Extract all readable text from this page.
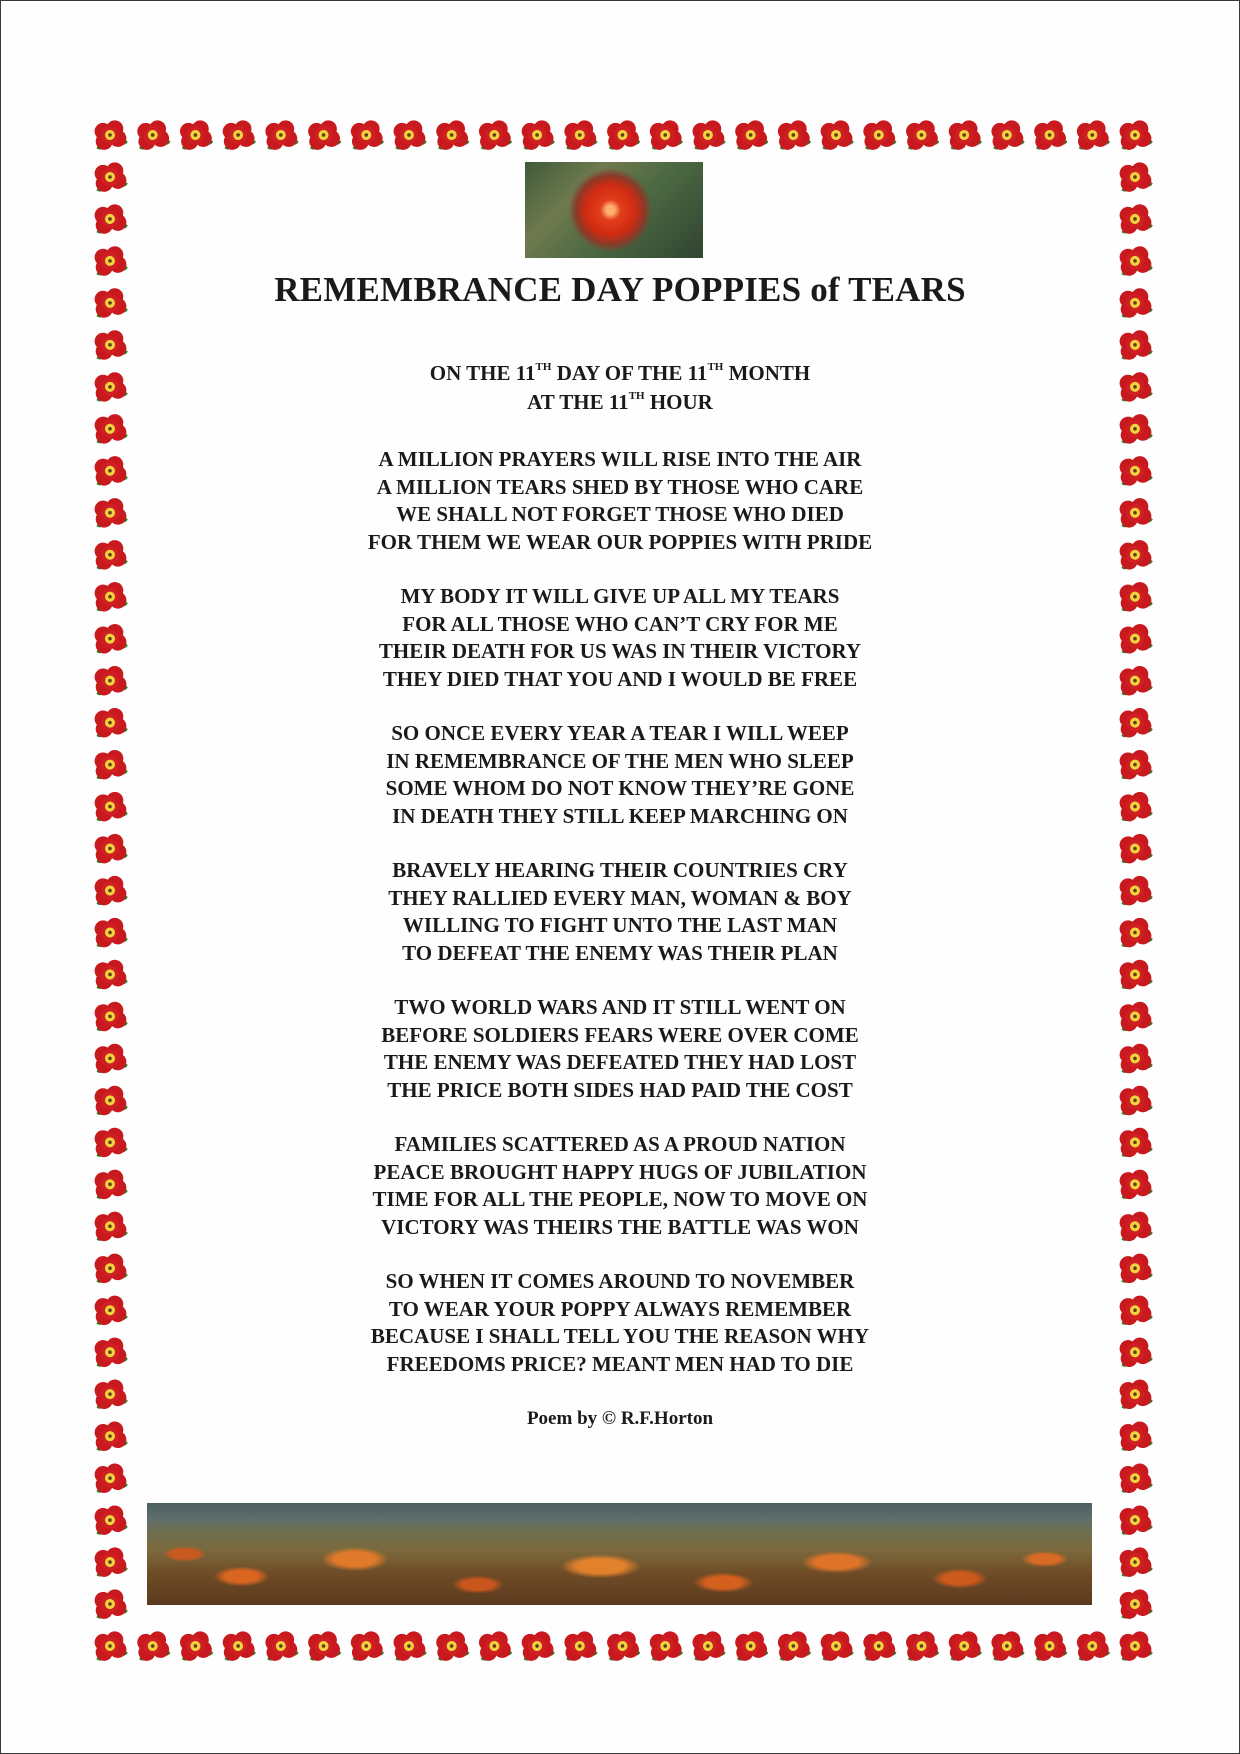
REMEMBRANCE DAY POPPIES of TEARS
ON THE 11TH DAY OF THE 11TH MONTH
AT THE 11TH HOUR
A MILLION PRAYERS WILL RISE INTO THE AIR
A MILLION TEARS SHED BY THOSE WHO CARE
WE SHALL NOT FORGET THOSE WHO DIED
FOR THEM WE WEAR OUR POPPIES WITH PRIDE
MY BODY IT WILL GIVE UP ALL MY TEARS
FOR ALL THOSE WHO CAN’T CRY FOR ME
THEIR DEATH FOR US WAS IN THEIR VICTORY
THEY DIED THAT YOU AND I WOULD BE FREE
SO ONCE EVERY YEAR A TEAR I WILL WEEP
IN REMEMBRANCE OF THE MEN WHO SLEEP
SOME WHOM DO NOT KNOW THEY’RE GONE
IN DEATH THEY STILL KEEP MARCHING ON
BRAVELY HEARING THEIR COUNTRIES CRY
THEY RALLIED EVERY MAN, WOMAN & BOY
WILLING TO FIGHT UNTO THE LAST MAN
TO DEFEAT THE ENEMY WAS THEIR PLAN
TWO WORLD WARS AND IT STILL WENT ON
BEFORE SOLDIERS FEARS WERE OVER COME
THE ENEMY WAS DEFEATED THEY HAD LOST
THE PRICE BOTH SIDES HAD PAID THE COST
FAMILIES SCATTERED AS A PROUD NATION
PEACE BROUGHT HAPPY HUGS OF JUBILATION
TIME FOR ALL THE PEOPLE, NOW TO MOVE ON
VICTORY WAS THEIRS THE BATTLE WAS WON
SO WHEN IT COMES AROUND TO NOVEMBER
TO WEAR YOUR POPPY ALWAYS REMEMBER
BECAUSE I SHALL TELL YOU THE REASON WHY
FREEDOMS PRICE? MEANT MEN HAD TO DIE
Poem by © R.F.Horton
